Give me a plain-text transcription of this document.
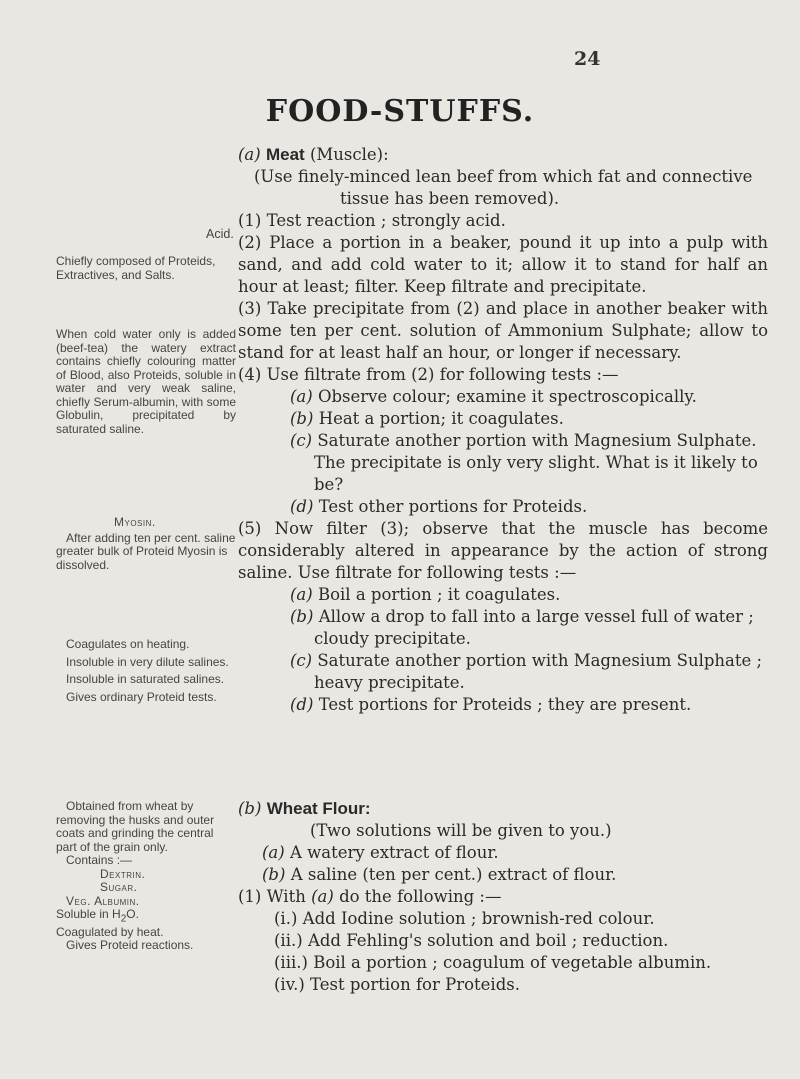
24
FOOD-STUFFS.
Acid.
Chiefly composed of Proteids, Extractives, and Salts.
When cold water only is added (beef-tea) the watery extract contains chiefly colouring matter of Blood, also Proteids, soluble in water and very weak saline, chiefly Serum-albumin, with some Globulin, precipitated by saturated saline.
Myosin.
After adding ten per cent. saline greater bulk of Proteid Myosin is dissolved.

Coagulates on heating.

Insoluble in very dilute salines.

Insoluble in saturated salines.

Gives ordinary Proteid tests.

Obtained from wheat by removing the husks and outer coats and grinding the central part of the grain only.

Contains :—

Dextrin.

Sugar.

Veg. Albumin.

Soluble in $H_2O$.

Coagulated by heat.

Gives Proteid reactions.

(a) Meat (Muscle):

(Use finely-minced lean beef from which fat and connective

tissue has been removed).

(1) Test reaction ; strongly acid.

(2) Place a portion in a beaker, pound it up into a pulp with sand, and add cold water to it; allow it to stand for half an hour at least; filter. Keep filtrate and precipitate.

(3) Take precipitate from (2) and place in another beaker with some ten per cent. solution of Ammonium Sulphate; allow to stand for at least half an hour, or longer if necessary.

(4) Use filtrate from (2) for following tests :—

(a) Observe colour; examine it spectroscopically.

(b) Heat a portion; it coagulates.

(c) Saturate another portion with Magnesium Sulphate. The precipitate is only very slight. What is it likely to be?

(d) Test other portions for Proteids.

(5) Now filter (3); observe that the muscle has become considerably altered in appearance by the action of strong saline. Use filtrate for following tests :—

(a) Boil a portion ; it coagulates.

(b) Allow a drop to fall into a large vessel full of water ; cloudy precipitate.

(c) Saturate another portion with Magnesium Sulphate ; heavy precipitate.

(d) Test portions for Proteids ; they are present.

(b) Wheat Flour:

(Two solutions will be given to you.)

(a) A watery extract of flour.

(b) A saline (ten per cent.) extract of flour.

(1) With (a) do the following :—

(i.) Add Iodine solution ; brownish-red colour.

(ii.) Add Fehling's solution and boil ; reduction.

(iii.) Boil a portion ; coagulum of vegetable albumin.

(iv.) Test portion for Proteids.
